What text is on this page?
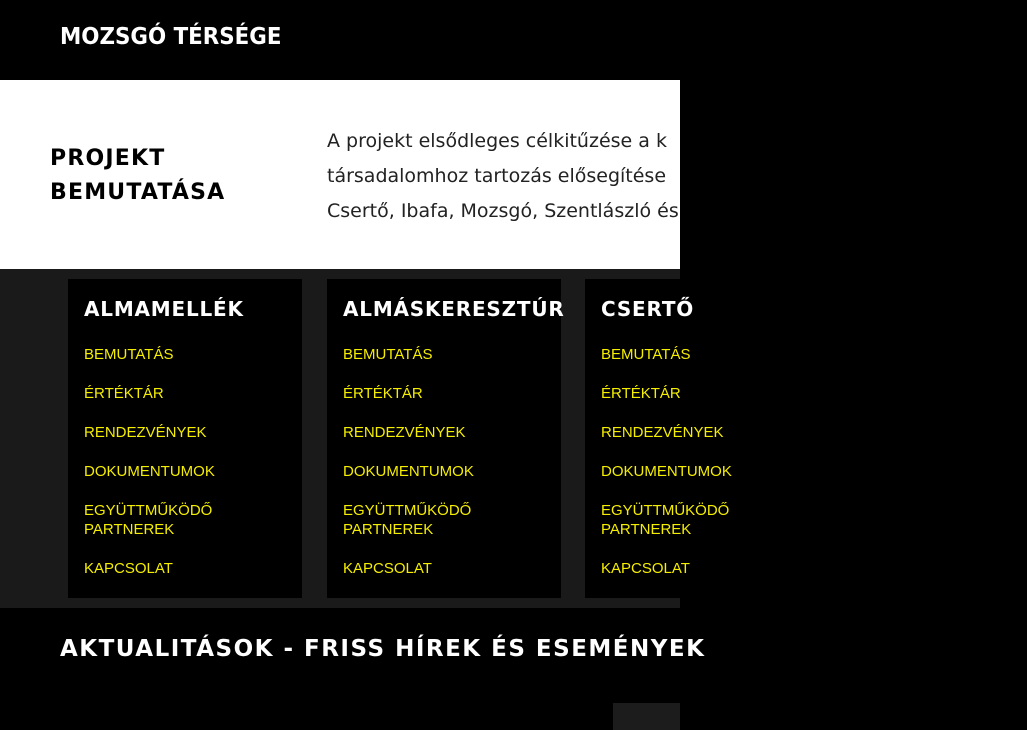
MOZSGÓ TÉRSÉGE
PROJEKT
BEMUTATÁSA

A projekt elsődleges célkitűzése a k
társadalomhoz tartozás elősegítése
Csertő, Ibafa, Mozsgó, Szentlászló és

ALMAMELLÉK
BEMUTATÁS
ÉRTÉKTÁR
RENDEZVÉNYEK
DOKUMENTUMOK
EGYÜTTMŰKÖDŐ PARTNEREK
KAPCSOLAT
ALMÁSKERESZTÚR
BEMUTATÁS
ÉRTÉKTÁR
RENDEZVÉNYEK
DOKUMENTUMOK
EGYÜTTMŰKÖDŐ PARTNEREK
KAPCSOLAT
CSERTŐ
BEMUTATÁS
ÉRTÉKTÁR
RENDEZVÉNYEK
DOKUMENTUMOK
EGYÜTTMŰKÖDŐ PARTNEREK
KAPCSOLAT
AKTUALITÁSOK - FRISS HÍREK ÉS ESEMÉNYEK
